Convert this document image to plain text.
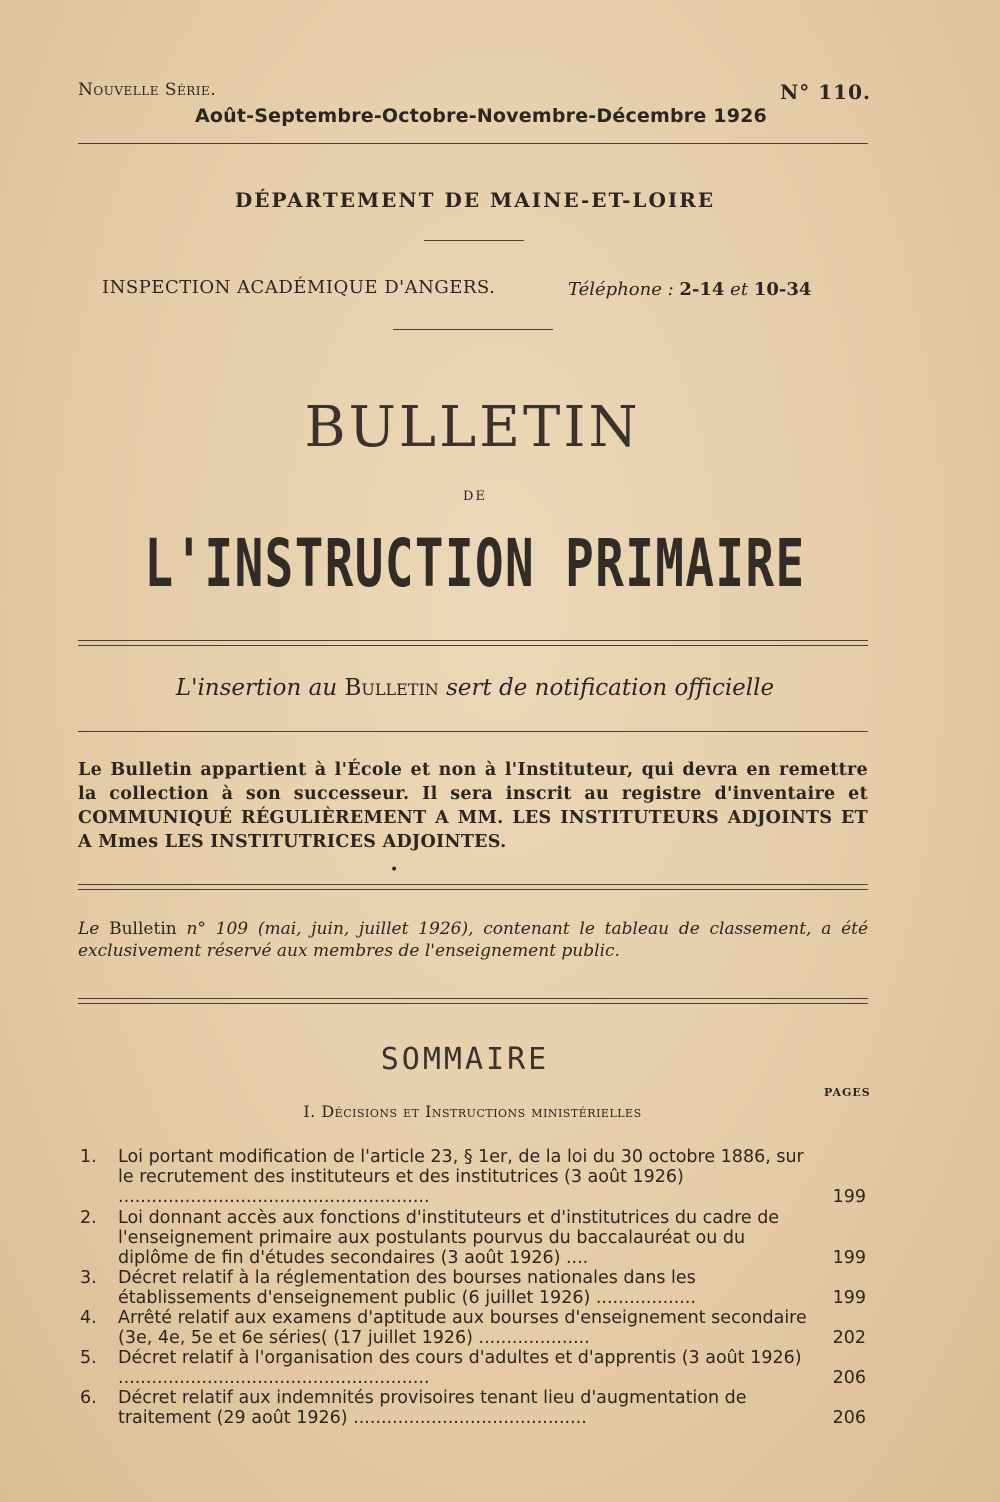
Nouvelle Série.	N° 110.
Août-Septembre-Octobre-Novembre-Décembre 1926
DÉPARTEMENT DE MAINE-ET-LOIRE
INSPECTION ACADÉMIQUE D'ANGERS.	Téléphone : 2-14 et 10-34
BULLETIN
DE
L'INSTRUCTION PRIMAIRE
L'insertion au Bulletin sert de notification officielle
Le Bulletin appartient à l'École et non à l'Instituteur, qui devra en remettre la collection à son successeur. Il sera inscrit au registre d'inventaire et COMMUNIQUÉ RÉGULIÈREMENT A MM. LES INSTITUTEURS ADJOINTS ET A Mmes LES INSTITUTRICES ADJOINTES.
•
Le Bulletin n° 109 (mai, juin, juillet 1926), contenant le tableau de classement, a été exclusivement réservé aux membres de l'enseignement public.
SOMMAIRE
PAGES
I. Décisions et Instructions ministérielles
1.	Loi portant modification de l'article 23, § 1er, de la loi du 30 octobre 1886, sur le recrutement des instituteurs et des institutrices (3 août 1926) ........................................................	199
2.	Loi donnant accès aux fonctions d'instituteurs et d'institutrices du cadre de l'enseignement primaire aux postulants pourvus du baccalauréat ou du diplôme de fin d'études secondaires (3 août 1926) ....	199
3.	Décret relatif à la réglementation des bourses nationales dans les établissements d'enseignement public (6 juillet 1926) ..................	199
4.	Arrêté relatif aux examens d'aptitude aux bourses d'enseignement secondaire (3e, 4e, 5e et 6e séries( (17 juillet 1926) ....................	202
5.	Décret relatif à l'organisation des cours d'adultes et d'apprentis (3 août 1926) ........................................................	206
6.	Décret relatif aux indemnités provisoires tenant lieu d'augmentation de traitement (29 août 1926) ..........................................	206
